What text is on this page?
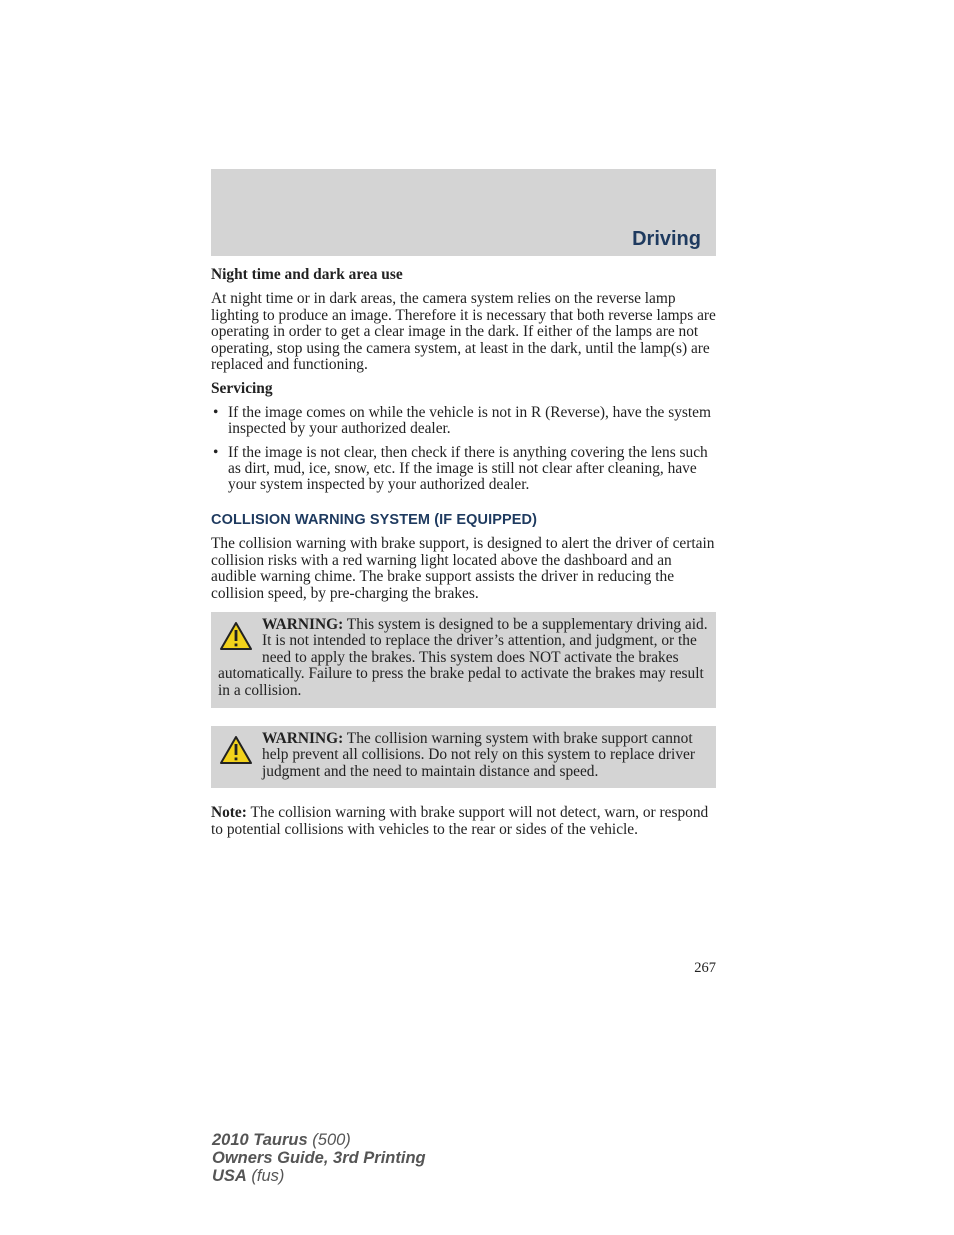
Driving

Night time and dark area use

At night time or in dark areas, the camera system relies on the reverse lamp lighting to produce an image. Therefore it is necessary that both reverse lamps are operating in order to get a clear image in the dark. If either of the lamps are not operating, stop using the camera system, at least in the dark, until the lamp(s) are replaced and functioning.

Servicing

• If the image comes on while the vehicle is not in R (Reverse), have the system inspected by your authorized dealer.
• If the image is not clear, then check if there is anything covering the lens such as dirt, mud, ice, snow, etc. If the image is still not clear after cleaning, have your system inspected by your authorized dealer.
COLLISION WARNING SYSTEM (IF EQUIPPED)

The collision warning with brake support, is designed to alert the driver of certain collision risks with a red warning light located above the dashboard and an audible warning chime. The brake support assists the driver in reducing the collision speed, by pre-charging the brakes.

WARNING: This system is designed to be a supplementary driving aid. It is not intended to replace the driver’s attention, and judgment, or the need to apply the brakes. This system does NOT activate the brakes automatically. Failure to press the brake pedal to activate the brakes may result in a collision.
WARNING: The collision warning system with brake support cannot help prevent all collisions. Do not rely on this system to replace driver judgment and the need to maintain distance and speed.

Note: The collision warning with brake support will not detect, warn, or respond to potential collisions with vehicles to the rear or sides of the vehicle.

267
2010 Taurus (500)
Owners Guide, 3rd Printing
USA (fus)
